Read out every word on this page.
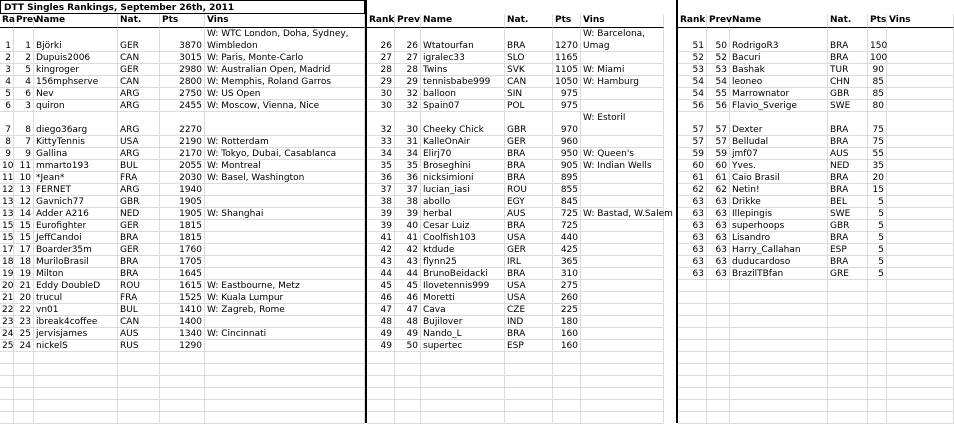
DTT Singles Rankings, September 26th, 2011
Ra Prev
Name	Nat.	Pts	Vins
1	1 Björki	GER	3870
W: WTC London, Doha, Sydney, Wimbledon
2	2 Dupuis2006	CAN	3015 W: Paris, Monte-Carlo
3	5 kingroger	GER	2980 W: Australian Open, Madrid
4	4 156mphserve	CAN	2800 W: Memphis, Roland Garros
5	6 Nev	ARG	2750 W: US Open
6	3 quiron	ARG	2455 W: Moscow, Vienna, Nice
7	8 diego36arg	ARG	2270
8	7 KittyTennis	USA	2190 W: Rotterdam
9	9 Gallina	ARG	2170 W: Tokyo, Dubai, Casablanca
10 11 mmarto193	BUL	2055 W: Montreal
11 10 *Jean*	FRA	2030 W: Basel, Washington
12 13 FERNET	ARG	1940
13 12 Gavnich77	GBR	1905
13 14 Adder A216	NED	1905 W: Shanghai
15 15 Eurofighter	GER	1815
15 15 JeffCandoi	BRA	1815
17 17 Boarder35m	GER	1760
18 18 MuriloBrasil	BRA	1705
19 19 Milton	BRA	1645
20 21 Eddy DoubleD	ROU	1615 W: Eastbourne, Metz
21 20 trucul	FRA	1525 W: Kuala Lumpur
22 22 vn01	BUL	1410 W: Zagreb, Rome
23 23 ibreak4coffee	CAN	1400
24 25 jervisjames	AUS	1340 W: Cincinnati
25 24 nickelS	RUS	1290
Rank Prev Name	Nat.	Pts	Vins
26	26 Wtatourfan	BRA	1270
W: Barcelona, Umag
27	27 igralec33	SLO	1165
28	28 Twins	SVK	1105 W: Miami
29	29 tennisbabe999	CAN	1050 W: Hamburg
30	32 balloon	SIN	975
30	32 Spain07	POL	975
32	30 Cheeky Chick	GBR	970
W: Estoril
33	31 KalleOnAir	GER	960
34	34 Elirj70	BRA	950 W: Queen's
35	35 Broseghini	BRA	905 W: Indian Wells
36	36 nicksimioni	BRA	895
37	37 lucian_iasi	ROU	855
38	38 abollo	EGY	845
39	39 herbal	AUS	725 W: Bastad, W.Salem
39	40 Cesar Luiz	BRA	725
41	41 Coolfish103	USA	440
42	42 ktdude	GER	425
43	43 flynn25	IRL	365
44	44 BrunoBeidacki	BRA	310
45	45 Ilovetennis999	USA	275
46	46 Moretti	USA	260
47	47 Cava	CZE	225
48	48 Bujilover	IND	180
49	49 Nando_L	BRA	160
49	50 supertec	ESP	160
Rank Prev Name	Nat.	Pts Vins
51	50 RodrigoR3	BRA	150
52	52 Bacuri	BRA	100
53	53 Bashak	TUR	90
54	54 leoneo	CHN	85
54	55 Marrownator	GBR	85
56	56 Flavio_Sverige	SWE	80
57	57 Dexter	BRA	75
57	57 Belludal	BRA	75
59	59 jmf07	AUS	55
60	60 Yves.	NED	35
61	61 Caio Brasil	BRA	20
62	62 Netin!	BRA	15
63	63 Drikke	BEL	5
63	63 Illepingis	SWE	5
63	63 superhoops	GBR	5
63	63 Lisandro	BRA	5
63	63 Harry_Callahan	ESP	5
63	63 duducardoso	BRA	5
63	63 BrazilTBfan	GRE	5
